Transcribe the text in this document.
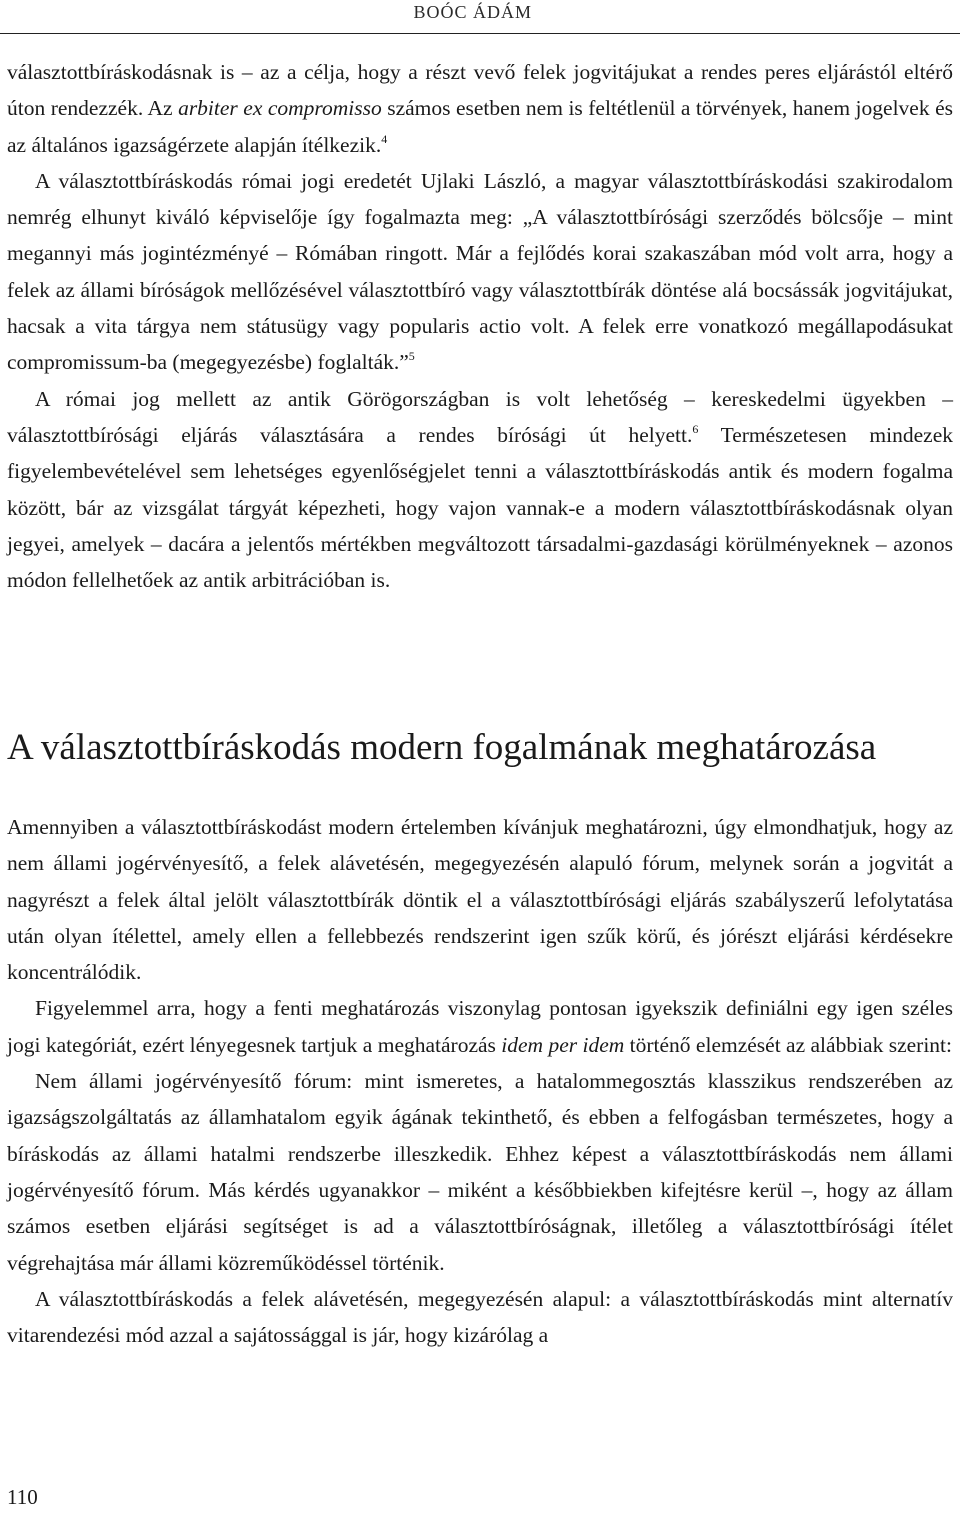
BOÓC ÁDÁM

választottbíráskodásnak is – az a célja, hogy a részt vevő felek jogvitájukat a rendes peres eljárástól eltérő úton rendezzék. Az arbiter ex compromisso számos esetben nem is feltétlenül a törvények, hanem jogelvek és az általános igazságérzete alapján ítélkezik.$^4$

A választottbíráskodás római jogi eredetét Ujlaki László, a magyar választottbíráskodási szakirodalom nemrég elhunyt kiváló képviselője így fogalmazta meg: „A választottbírósági szerződés bölcsője – mint megannyi más jogintézményé – Rómában ringott. Már a fejlődés korai szakaszában mód volt arra, hogy a felek az állami bíróságok mellőzésével választottbíró vagy választottbírák döntése alá bocsássák jogvitájukat, hacsak a vita tárgya nem státusügy vagy popularis actio volt. A felek erre vonatkozó megállapodásukat compromissum-ba (megegyezésbe) foglalták.”$^5$

A római jog mellett az antik Görögországban is volt lehetőség – kereskedelmi ügyekben – választottbírósági eljárás választására a rendes bírósági út helyett.$^6$ Természetesen mindezek figyelembevételével sem lehetséges egyenlőségjelet tenni a választottbíráskodás antik és modern fogalma között, bár az vizsgálat tárgyát képezheti, hogy vajon vannak-e a modern választottbíráskodásnak olyan jegyei, amelyek – dacára a jelentős mértékben megváltozott társadalmi-gazdasági körülményeknek – azonos módon fellelhetőek az antik arbitrációban is.

A választottbíráskodás modern fogalmának meghatározása

Amennyiben a választottbíráskodást modern értelemben kívánjuk meghatározni, úgy elmondhatjuk, hogy az nem állami jogérvényesítő, a felek alávetésén, megegyezésén alapuló fórum, melynek során a jogvitát a nagyrészt a felek által jelölt választottbírák döntik el a választottbírósági eljárás szabályszerű lefolytatása után olyan ítélettel, amely ellen a fellebbezés rendszerint igen szűk körű, és jórészt eljárási kérdésekre koncentrálódik.

Figyelemmel arra, hogy a fenti meghatározás viszonylag pontosan igyekszik definiálni egy igen széles jogi kategóriát, ezért lényegesnek tartjuk a meghatározás idem per idem történő elemzését az alábbiak szerint:

Nem állami jogérvényesítő fórum: mint ismeretes, a hatalommegosztás klasszikus rendszerében az igazságszolgáltatás az államhatalom egyik ágának tekinthető, és ebben a felfogásban természetes, hogy a bíráskodás az állami hatalmi rendszerbe illeszkedik. Ehhez képest a választottbíráskodás nem állami jogérvényesítő fórum. Más kérdés ugyanakkor – miként a későbbiekben kifejtésre kerül –, hogy az állam számos esetben eljárási segítséget is ad a választottbíróságnak, illetőleg a választottbírósági ítélet végrehajtása már állami közreműködéssel történik.

A választottbíráskodás a felek alávetésén, megegyezésén alapul: a választottbíráskodás mint alternatív vitarendezési mód azzal a sajátossággal is jár, hogy kizárólag a

110
